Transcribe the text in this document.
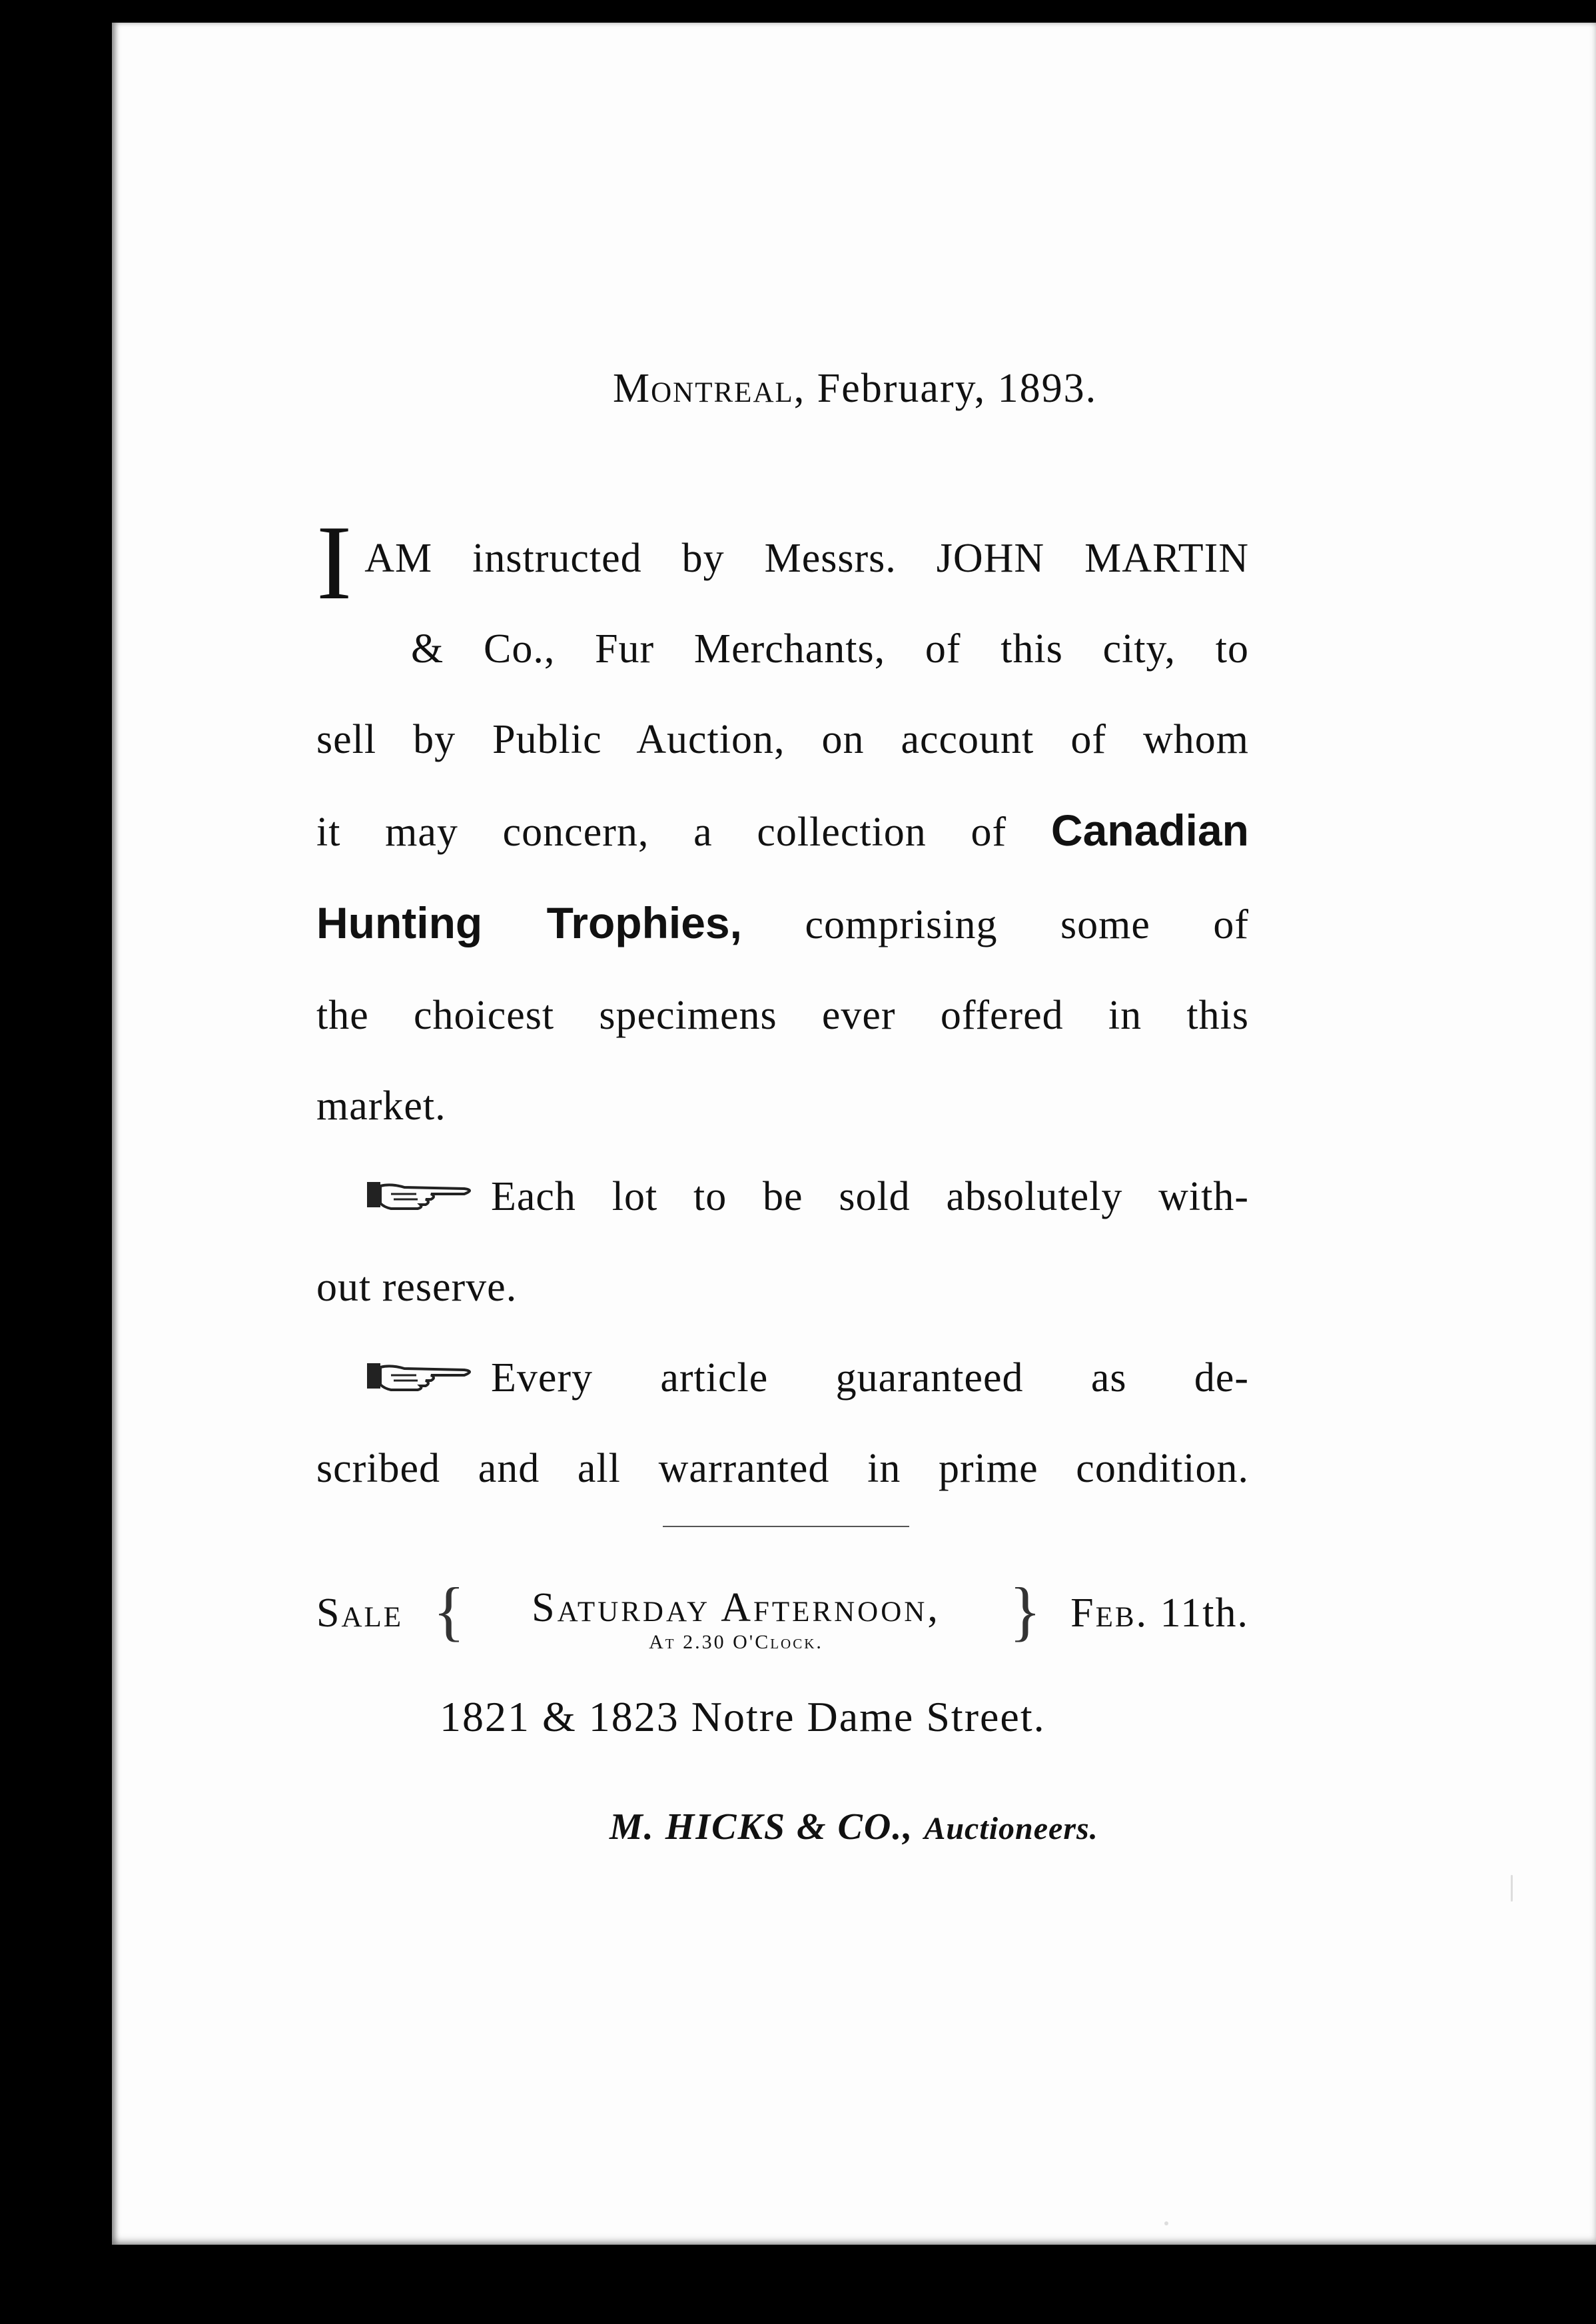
Montreal, February, 1893.
I AM instructed by Messrs. JOHN MARTIN
& Co., Fur Merchants, of this city, to
sell by Public Auction, on account of whom
it may concern, a collection of Canadian
Hunting Trophies, comprising some of
the choicest specimens ever offered in this
market.
Each lot to be sold absolutely with-
out reserve.
Every article guaranteed as de-
scribed and all warranted in prime condition.
Sale {	Saturday Afternoon,
At 2.30 O'Clock.	} Feb. 11th.
1821 & 1823 Notre Dame Street.
M. HICKS & CO., Auctioneers.
